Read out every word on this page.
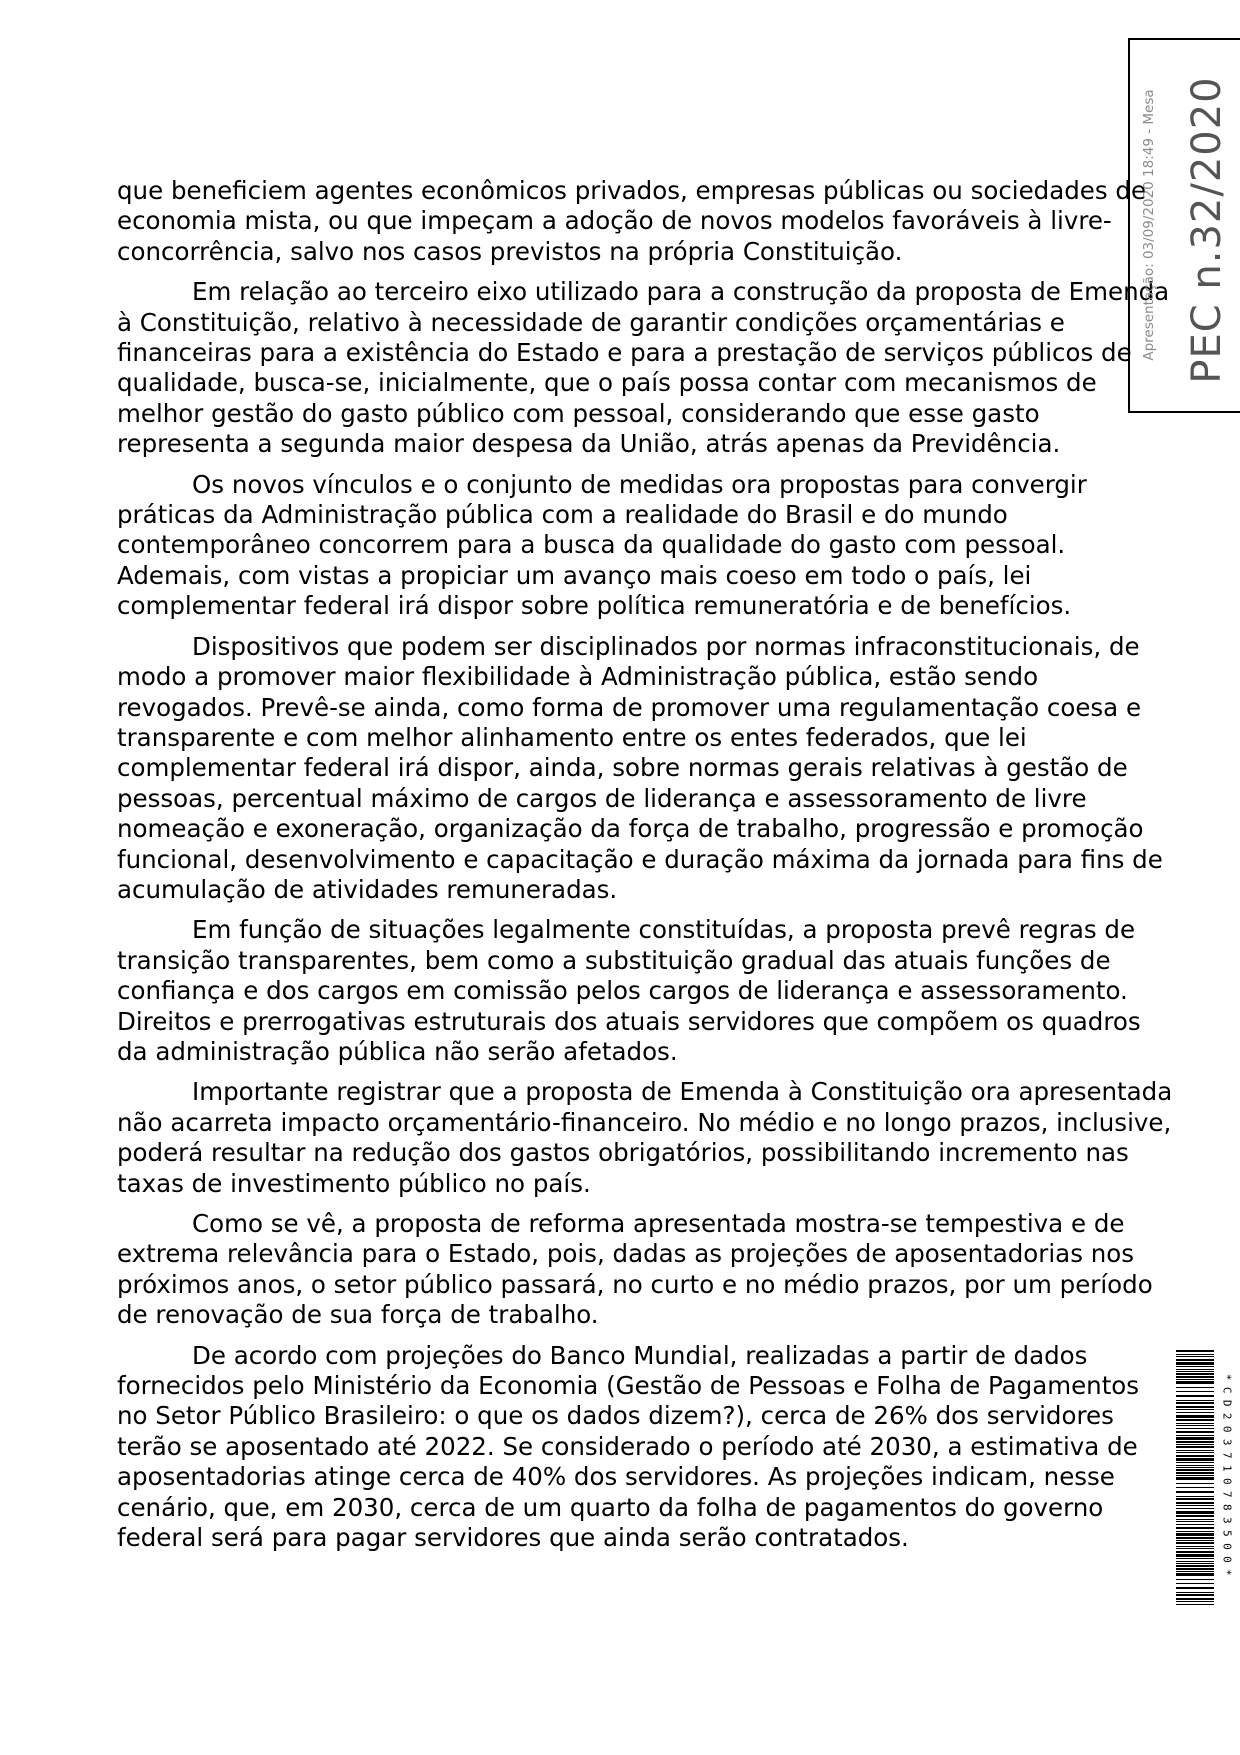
que beneficiem agentes econômicos privados, empresas públicas ou sociedades de economia mista, ou que impeçam a adoção de novos modelos favoráveis à livre-concorrência, salvo nos casos previstos na própria Constituição.

Em relação ao terceiro eixo utilizado para a construção da proposta de Emenda à Constituição, relativo à necessidade de garantir condições orçamentárias e financeiras para a existência do Estado e para a prestação de serviços públicos de qualidade, busca-se, inicialmente, que o país possa contar com mecanismos de melhor gestão do gasto público com pessoal, considerando que esse gasto representa a segunda maior despesa da União, atrás apenas da Previdência.

Os novos vínculos e o conjunto de medidas ora propostas para convergir práticas da Administração pública com a realidade do Brasil e do mundo contemporâneo concorrem para a busca da qualidade do gasto com pessoal. Ademais, com vistas a propiciar um avanço mais coeso em todo o país, lei complementar federal irá dispor sobre política remuneratória e de benefícios.

Dispositivos que podem ser disciplinados por normas infraconstitucionais, de modo a promover maior flexibilidade à Administração pública, estão sendo revogados. Prevê-se ainda, como forma de promover uma regulamentação coesa e transparente e com melhor alinhamento entre os entes federados, que lei complementar federal irá dispor, ainda, sobre normas gerais relativas à gestão de pessoas, percentual máximo de cargos de liderança e assessoramento de livre nomeação e exoneração, organização da força de trabalho, progressão e promoção funcional, desenvolvimento e capacitação e duração máxima da jornada para fins de acumulação de atividades remuneradas.

Em função de situações legalmente constituídas, a proposta prevê regras de transição transparentes, bem como a substituição gradual das atuais funções de confiança e dos cargos em comissão pelos cargos de liderança e assessoramento. Direitos e prerrogativas estruturais dos atuais servidores que compõem os quadros da administração pública não serão afetados.

Importante registrar que a proposta de Emenda à Constituição ora apresentada não acarreta impacto orçamentário-financeiro. No médio e no longo prazos, inclusive, poderá resultar na redução dos gastos obrigatórios, possibilitando incremento nas taxas de investimento público no país.

Como se vê, a proposta de reforma apresentada mostra-se tempestiva e de extrema relevância para o Estado, pois, dadas as projeções de aposentadorias nos próximos anos, o setor público passará, no curto e no médio prazos, por um período de renovação de sua força de trabalho.

De acordo com projeções do Banco Mundial, realizadas a partir de dados fornecidos pelo Ministério da Economia (Gestão de Pessoas e Folha de Pagamentos no Setor Público Brasileiro: o que os dados dizem?), cerca de 26% dos servidores terão se aposentado até 2022. Se considerado o período até 2030, a estimativa de aposentadorias atinge cerca de 40% dos servidores. As projeções indicam, nesse cenário, que, em 2030, cerca de um quarto da folha de pagamentos do governo federal será para pagar servidores que ainda serão contratados.

PEC n.32/2020
Apresentação: 03/09/2020 18:49 - Mesa
*CD203710783500*
